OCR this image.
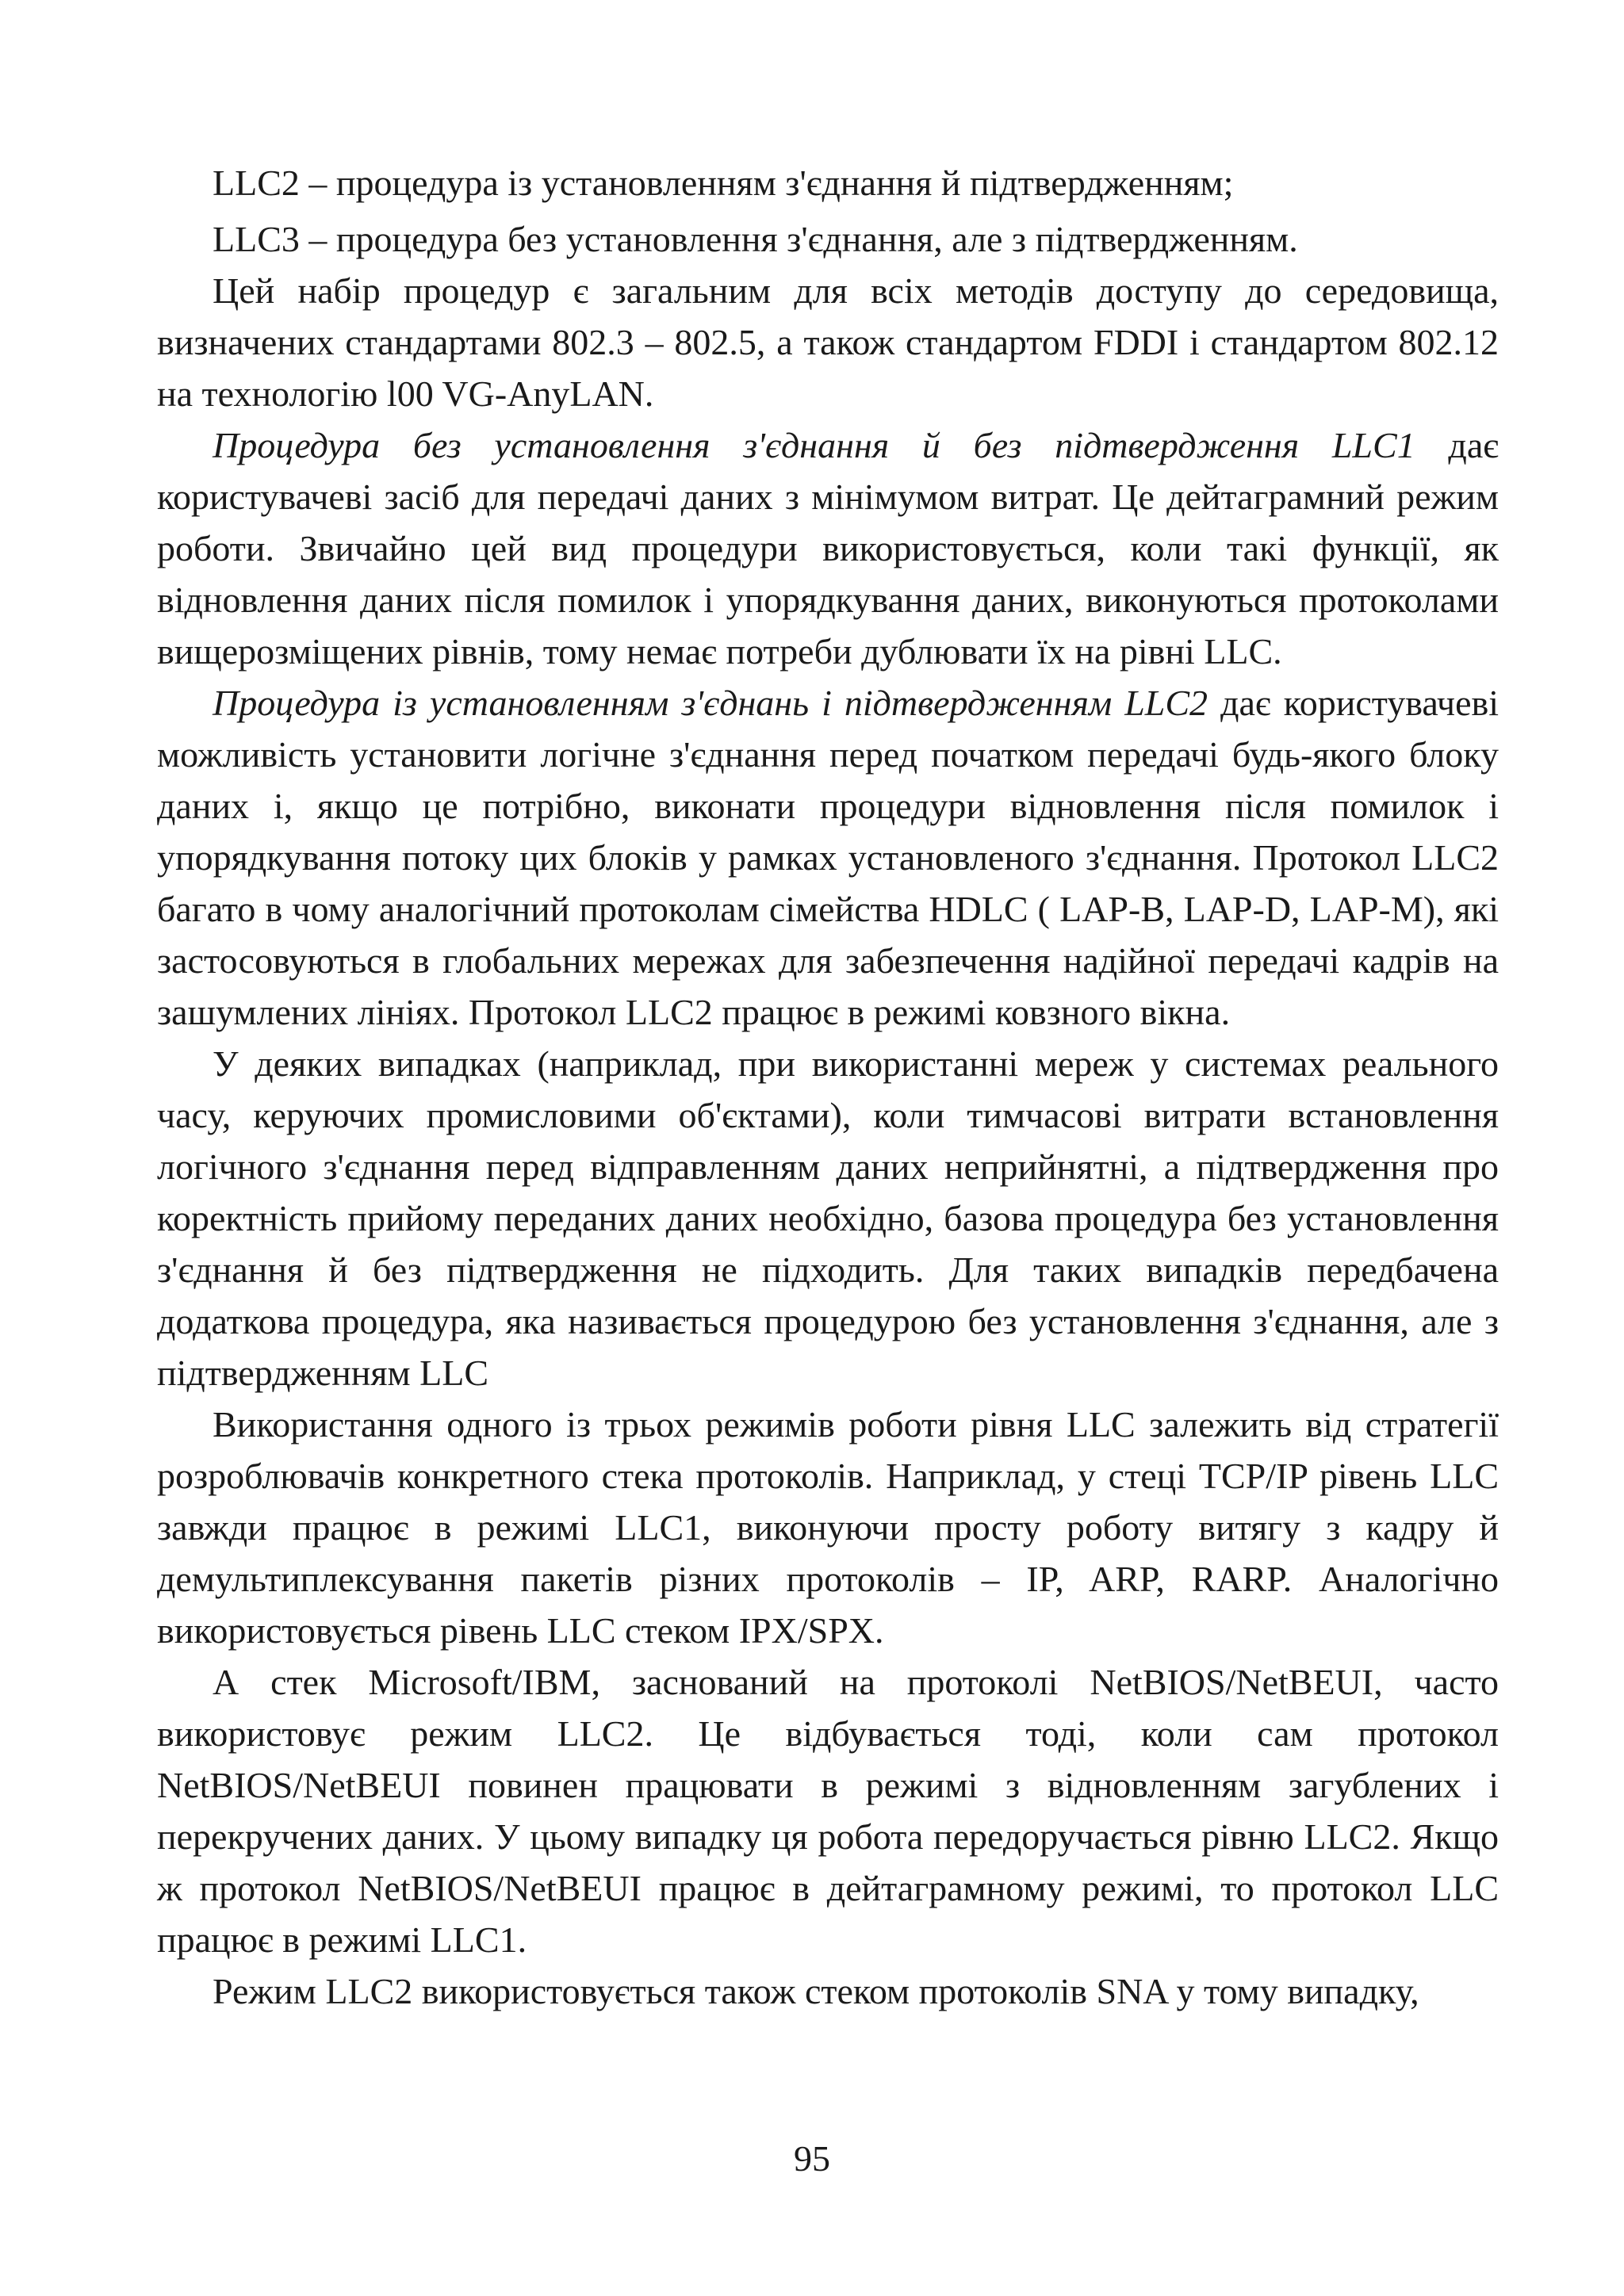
LLC2 – процедура із установленням з'єднання й підтвердженням;

LLC3 – процедура без установлення з'єднання, але з підтвердженням.

Цей набір процедур є загальним для всіх методів доступу до середовища, визначених стандартами 802.3 – 802.5, а також стандартом FDDI і стандартом 802.12 на технологію l00 VG-AnyLAN.

Процедура без установлення з'єднання й без підтвердження LLC1 дає користувачеві засіб для передачі даних з мінімумом витрат. Це дейтаграмний режим роботи. Звичайно цей вид процедури використовується, коли такі функції, як відновлення даних після помилок і упорядкування даних, виконуються протоколами вищерозміщених рівнів, тому немає потреби дублювати їх на рівні LLC.

Процедура із установленням з'єднань і підтвердженням LLC2 дає користувачеві можливість установити логічне з'єднання перед початком передачі будь-якого блоку даних і, якщо це потрібно, виконати процедури відновлення після помилок і упорядкування потоку цих блоків у рамках установленого з'єднання. Протокол LLC2 багато в чому аналогічний протоколам сімейства HDLC ( LAP-B, LAP-D, LAP-M), які застосовуються в глобальних мережах для забезпечення надійної передачі кадрів на зашумлених лініях. Протокол LLC2 працює в режимі ковзного вікна.

У деяких випадках (наприклад, при використанні мереж у системах реального часу, керуючих промисловими об'єктами), коли тимчасові витрати встановлення логічного з'єднання перед відправленням даних неприйнятні, а підтвердження про коректність прийому переданих даних необхідно, базова процедура без установлення з'єднання й без підтвердження не підходить. Для таких випадків передбачена додаткова процедура, яка називається процедурою без установлення з'єднання, але з підтвердженням LLC

Використання одного із трьох режимів роботи рівня LLC залежить від стратегії розроблювачів конкретного стека протоколів. Наприклад, у стеці TCP/IP рівень LLC завжди працює в режимі LLC1, виконуючи просту роботу витягу з кадру й демультиплексування пакетів різних протоколів – IP, ARP, RARP. Аналогічно використовується рівень LLC стеком IPX/SPX.

А стек Microsoft/IBM, заснований на протоколі NetBIOS/NetBEUI, часто використовує режим LLC2. Це відбувається тоді, коли сам протокол NetBIOS/NetBEUI повинен працювати в режимі з відновленням загублених і перекручених даних. У цьому випадку ця робота передоручається рівню LLC2. Якщо ж протокол NetBIOS/NetBEUI працює в дейтаграмному режимі, то протокол LLC працює в режимі LLC1.

Режим LLC2 використовується також стеком протоколів SNA у тому випадку,

95
